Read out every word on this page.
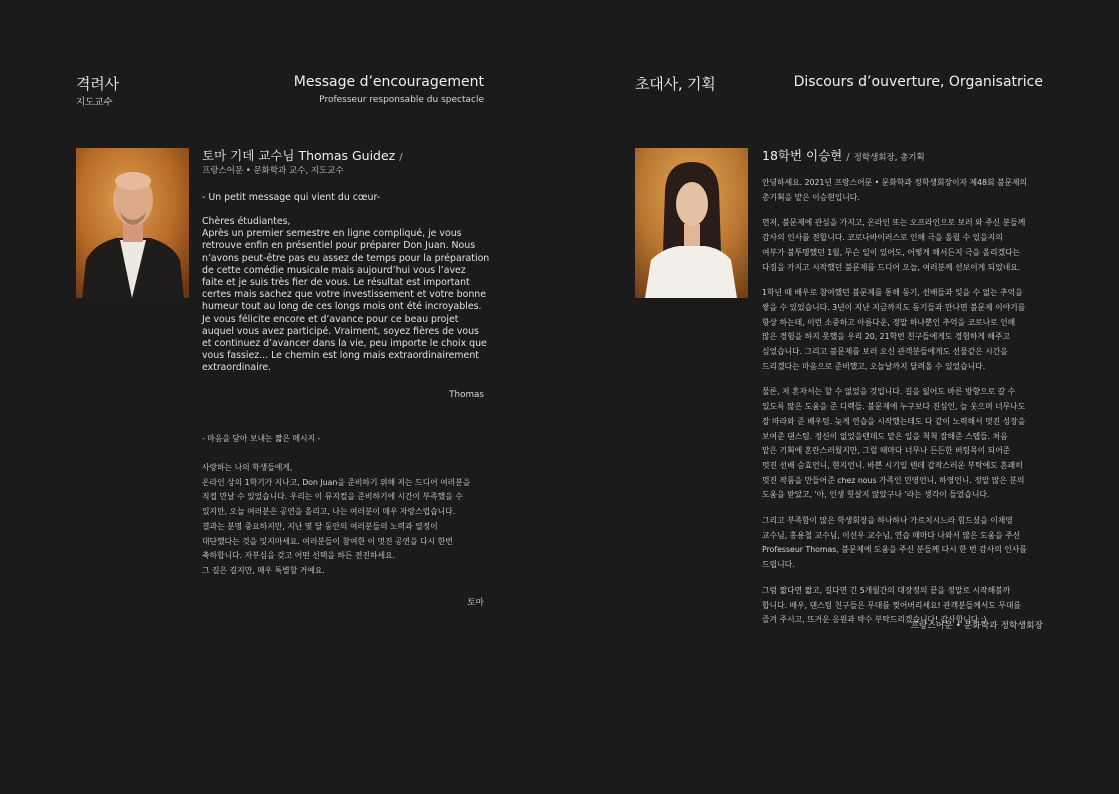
격려사
지도교수
Message d’encouragement
Professeur responsable du spectacle
토마 기데 교수님 Thomas Guidez /
프랑스어문 • 문화학과 교수, 지도교수
- Un petit message qui vient du cœur-

Chères étudiantes,

Après un premier semestre en ligne compliqué, je vous

retrouve enfin en présentiel pour préparer Don Juan. Nous

n’avons peut-être pas eu assez de temps pour la préparation

de cette comédie musicale mais aujourd’hui vous l’avez

faite et je suis très fier de vous. Le résultat est important

certes mais sachez que votre investissement et votre bonne

humeur tout au long de ces longs mois ont été incroyables.

Je vous félicite encore et d’avance pour ce beau projet

auquel vous avez participé. Vraiment, soyez fières de vous

et continuez d’avancer dans la vie, peu importe le choix que

vous fassiez... Le chemin est long mais extraordinairement

extraordinaire.

Thomas
- 마음을 담아 보내는 짧은 메시지 -

사랑하는 나의 학생들에게,

온라인 상의 1학기가 지나고, Don Juan을 준비하기 위해 저는 드디어 여러분을

직접 만날 수 있었습니다. 우리는 이 뮤지컬을 준비하기에 시간이 부족했을 수

있지만, 오늘 여러분은 공연을 올리고, 나는 여러분이 매우 자랑스럽습니다.

결과는 분명 중요하지만, 지난 몇 달 동안의 여러분들의 노력과 열정이

대단했다는 것을 잊지마세요. 여러분들이 참여한 이 멋진 공연을 다시 한번

축하합니다. 자부심을 갖고 어떤 선택을 하든 전진하세요.

그 길은 길지만, 매우 특별할 거예요.

토마
초대사, 기획	Discours d’ouverture, Organisatrice
18학번 이승현 / 정학생회장, 총기획

안녕하세요. 2021년 프랑스어문 • 문화학과 정학생회장이자 제48회 불문제의

총기획을 맡은 이승현입니다.

먼저, 불문제에 관심을 가지고, 온라인 또는 오프라인으로 보러 와 주신 분들께

감사의 인사를 전합니다. 코로나바이러스로 인해 극을 올릴 수 있을지의

여부가 불투명했던 1월, 무슨 일이 있어도, 어떻게 해서든지 극을 올리겠다는

다짐을 가지고 시작했던 불문제를 드디어 오늘, 여러분께 선보이게 되었네요.

1학년 때 배우로 참여했던 불문제를 통해 동기, 선배들과 잊을 수 없는 추억을

쌓을 수 있었습니다. 3년이 지난 지금까지도 동기들과 만나면 불문제 이야기를

항상 하는데, 이런 소중하고 아름다운, 정말 하나뿐인 추억을 코로나로 인해

많은 경험을 하지 못했을 우리 20, 21학번 친구들에게도 경험하게 해주고

싶었습니다. 그리고 불문제를 보러 오신 관객분들에게도 선물같은 시간을

드리겠다는 마음으로 준비했고, 오늘날까지 달려올 수 있었습니다.

물론, 저 혼자서는 할 수 없었을 것입니다. 길을 잃어도 바른 방향으로 갈 수

있도록 많은 도움을 준 디렉들. 불문제에 누구보다 진심인, 늘 웃으며 너무나도

잘 따라와 준 배우팀. 늦게 연습을 시작했는데도 다 같이 노력해서 멋진 성장을

보여준 댄스팀. 정신이 없었을텐데도 맡은 일을 척척 잘해준 스탭들. 처음

맡은 기획에 혼란스러웠지만, 그럴 때마다 너무나 든든한 버팀목이 되어준

멋진 선배 승효언니, 현지언니. 바쁜 시기일 텐데 갑작스러운 부탁에도 흔쾌히

멋진 작품을 만들어준 chez nous 가족인 민영언니, 하영언니. 정말 많은 분의

도움을 받았고, '아, 인생 헛살지 않았구나 '라는 생각이 들었습니다.

그리고 부족함이 많은 학생회장을 하나하나 가르치시느라 힘드셨을 이채영

교수님, 홍용철 교수님, 이선우 교수님, 연습 때마다 나와서 많은 도움을 주신

Professeur Thomas, 불문제에 도움을 주신 분들께 다시 한 번 감사의 인사를

드립니다.

그럼 짧다면 짧고, 길다면 긴 5개월간의 대장정의 끝을 정말로 시작해볼까

합니다. 배우, 댄스팀 친구들은 무대를 찢어버리세요! 관객분들께서도 무대를

즐겨 주시고, 뜨거운 응원과 박수 부탁드리겠습니다! 감사합니다 :)

프랑스어문 • 문화학과 정학생회장
